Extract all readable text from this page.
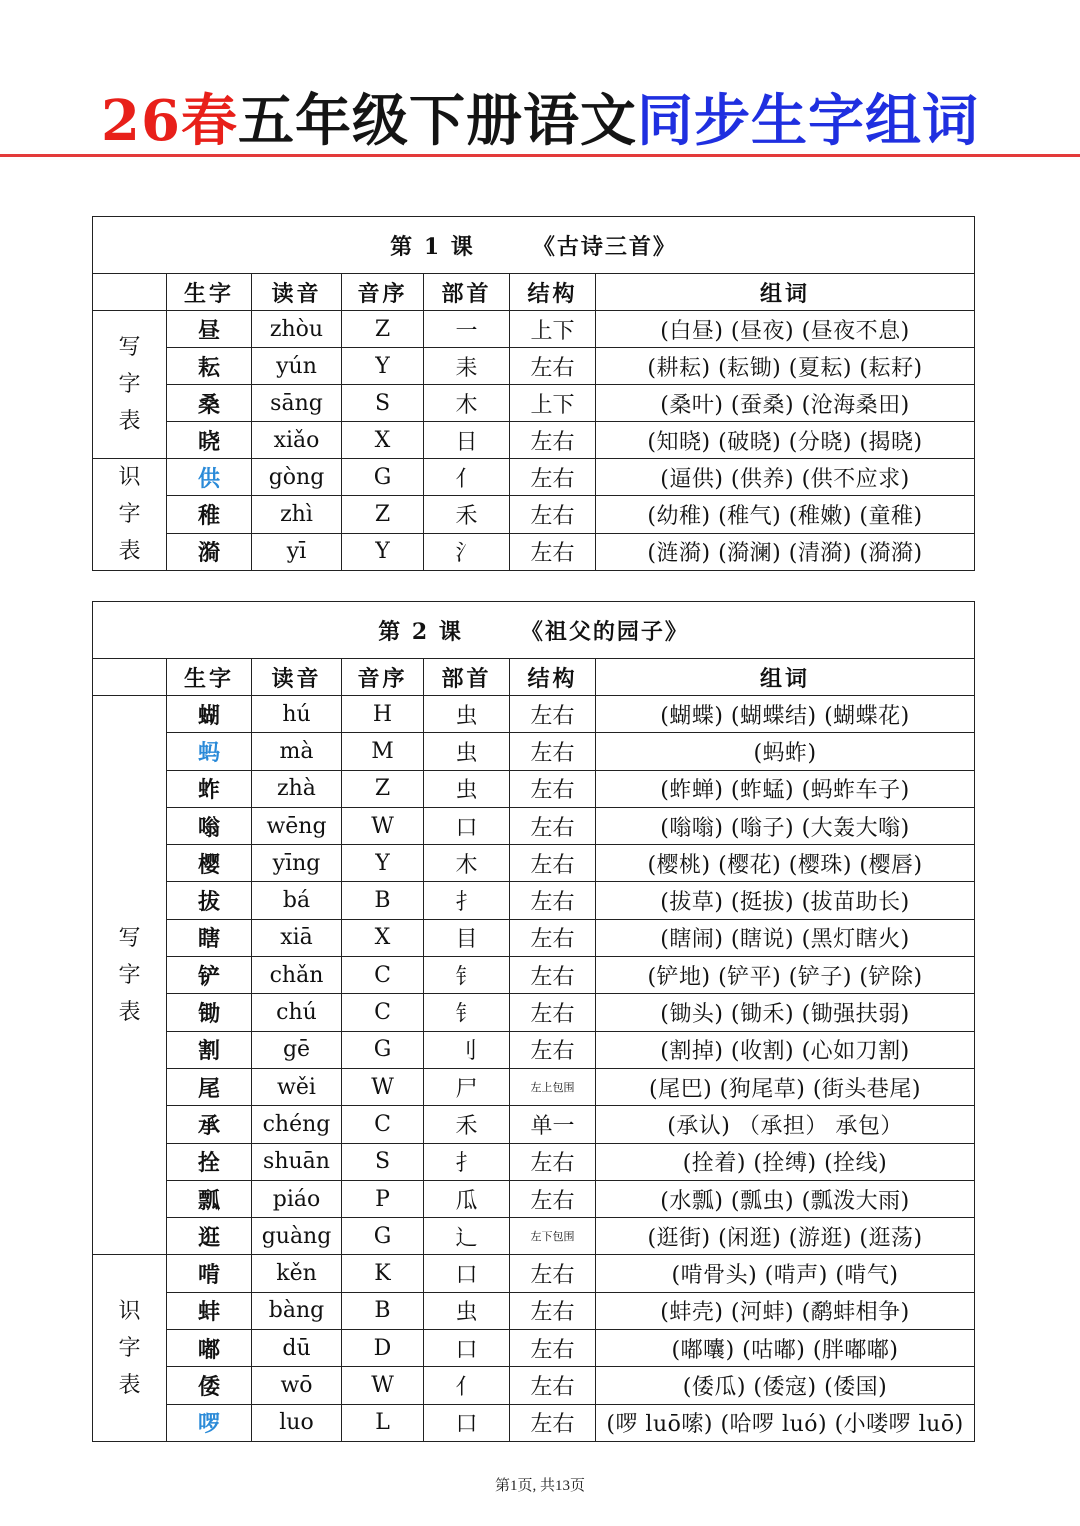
26春五年级下册语文同步生字组词
第 1 课 《古诗三首》						
	生字	读音	音序	部首	结构	组词

写
字
表	昼	zhòu	Z	一	上下	(白昼) (昼夜) (昼夜不息)
	耘	yún	Y	耒	左右	(耕耘) (耘锄) (夏耘) (耘耔)
	桑	sāng	S	木	上下	(桑叶) (蚕桑) (沧海桑田)
	晓	xiǎo	X	日	左右	(知晓) (破晓) (分晓) (揭晓)

识
字
表	供	gòng	G	亻	左右	(逼供) (供养) (供不应求)
	稚	zhì	Z	禾	左右	(幼稚) (稚气) (稚嫩) (童稚)
	漪	yī	Y	氵	左右	(涟漪) (漪澜) (清漪) (漪漪)
第 2 课 《祖父的园子》						
	生字	读音	音序	部首	结构	组词

写
字
表	蝴	hú	H	虫	左右	(蝴蝶) (蝴蝶结) (蝴蝶花)
	蚂	mà	M	虫	左右	(蚂蚱)
	蚱	zhà	Z	虫	左右	(蚱蝉) (蚱蜢) (蚂蚱车子)
	嗡	wēng	W	口	左右	(嗡嗡) (嗡子) (大轰大嗡)
	樱	yīng	Y	木	左右	(樱桃) (樱花) (樱珠) (樱唇)
	拔	bá	B	扌	左右	(拔草) (挺拔) (拔苗助长)
	瞎	xiā	X	目	左右	(瞎闹) (瞎说) (黑灯瞎火)
	铲	chǎn	C	钅	左右	(铲地) (铲平) (铲子) (铲除)
	锄	chú	C	钅	左右	(锄头) (锄禾) (锄强扶弱)
	割	gē	G	刂	左右	(割掉) (收割) (心如刀割)
	尾	wěi	W	尸	左上包围	(尾巴) (狗尾草) (街头巷尾)
	承	chéng	C	禾	单一	(承认) （承担） 承包）
	拴	shuān	S	扌	左右	(拴着) (拴缚) (拴线)
	瓢	piáo	P	瓜	左右	(水瓢) (瓢虫) (瓢泼大雨)
	逛	guàng	G	辶	左下包围	(逛街) (闲逛) (游逛) (逛荡)

识
字
表	啃	kěn	K	口	左右	(啃骨头) (啃声) (啃气)
	蚌	bàng	B	虫	左右	(蚌壳) (河蚌) (鹬蚌相争)
	嘟	dū	D	口	左右	(嘟囔) (咕嘟) (胖嘟嘟)
	倭	wō	W	亻	左右	(倭瓜) (倭寇) (倭国)
	啰	luo	L	口	左右	(啰 luō嗦) (哈啰 luó) (小喽啰 luō)
第1页, 共13页
